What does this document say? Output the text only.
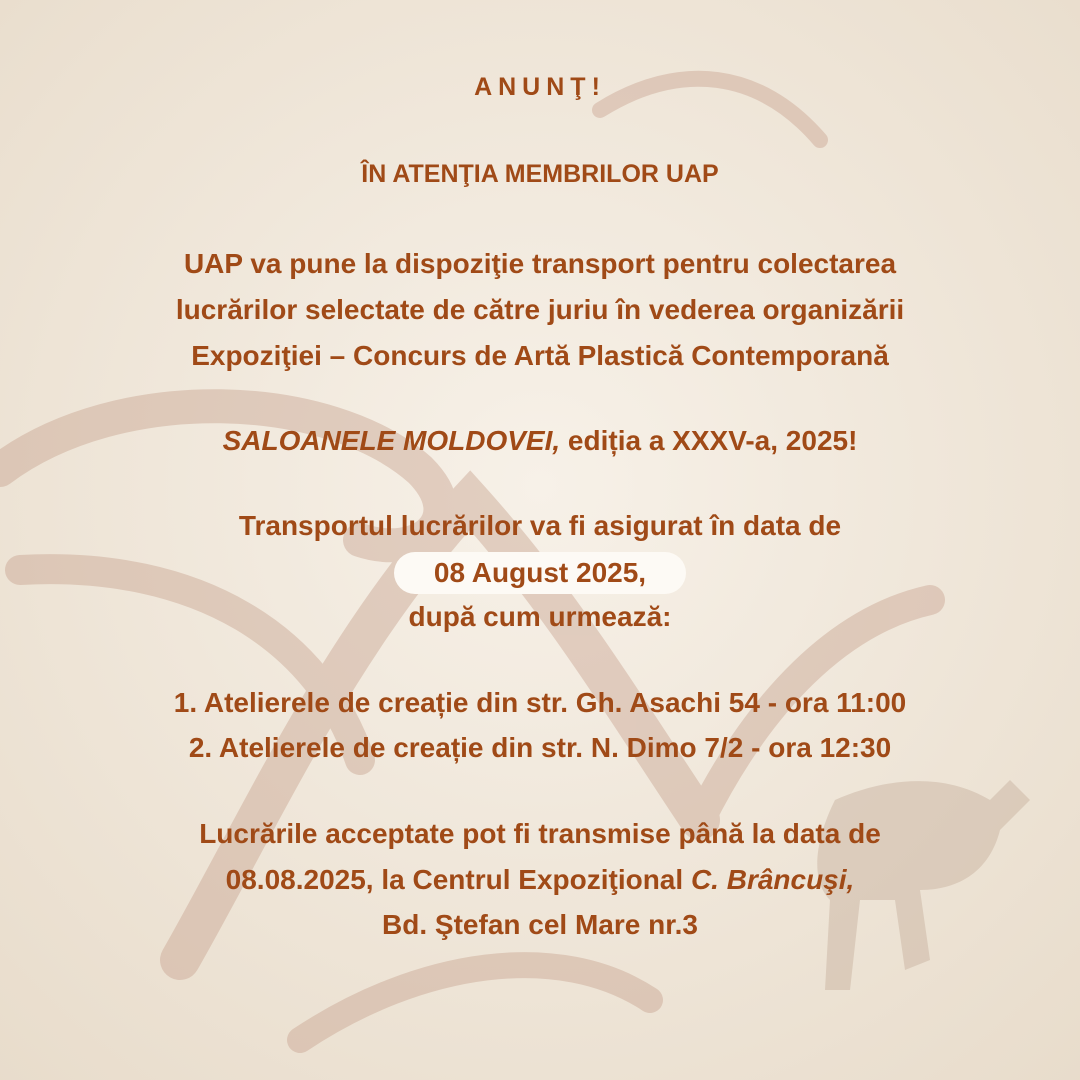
ANUNŢ!
ÎN ATENŢIA MEMBRILOR UAP
UAP va pune la dispoziţie transport pentru colectarea
lucrărilor selectate de către juriu în vederea organizării
Expoziţiei – Concurs de Artă Plastică Contemporană
SALOANELE MOLDOVEI, ediția a XXXV-a, 2025!
Transportul lucrărilor va fi asigurat în data de
08 August 2025,
după cum urmează:
1. Atelierele de creație din str. Gh. Asachi 54 - ora 11:00
2. Atelierele de creație din str. N. Dimo 7/2 - ora 12:30
Lucrările acceptate pot fi transmise până la data de
08.08.2025, la Centrul Expoziţional C. Brâncuşi,
Bd. Ştefan cel Mare nr.3
